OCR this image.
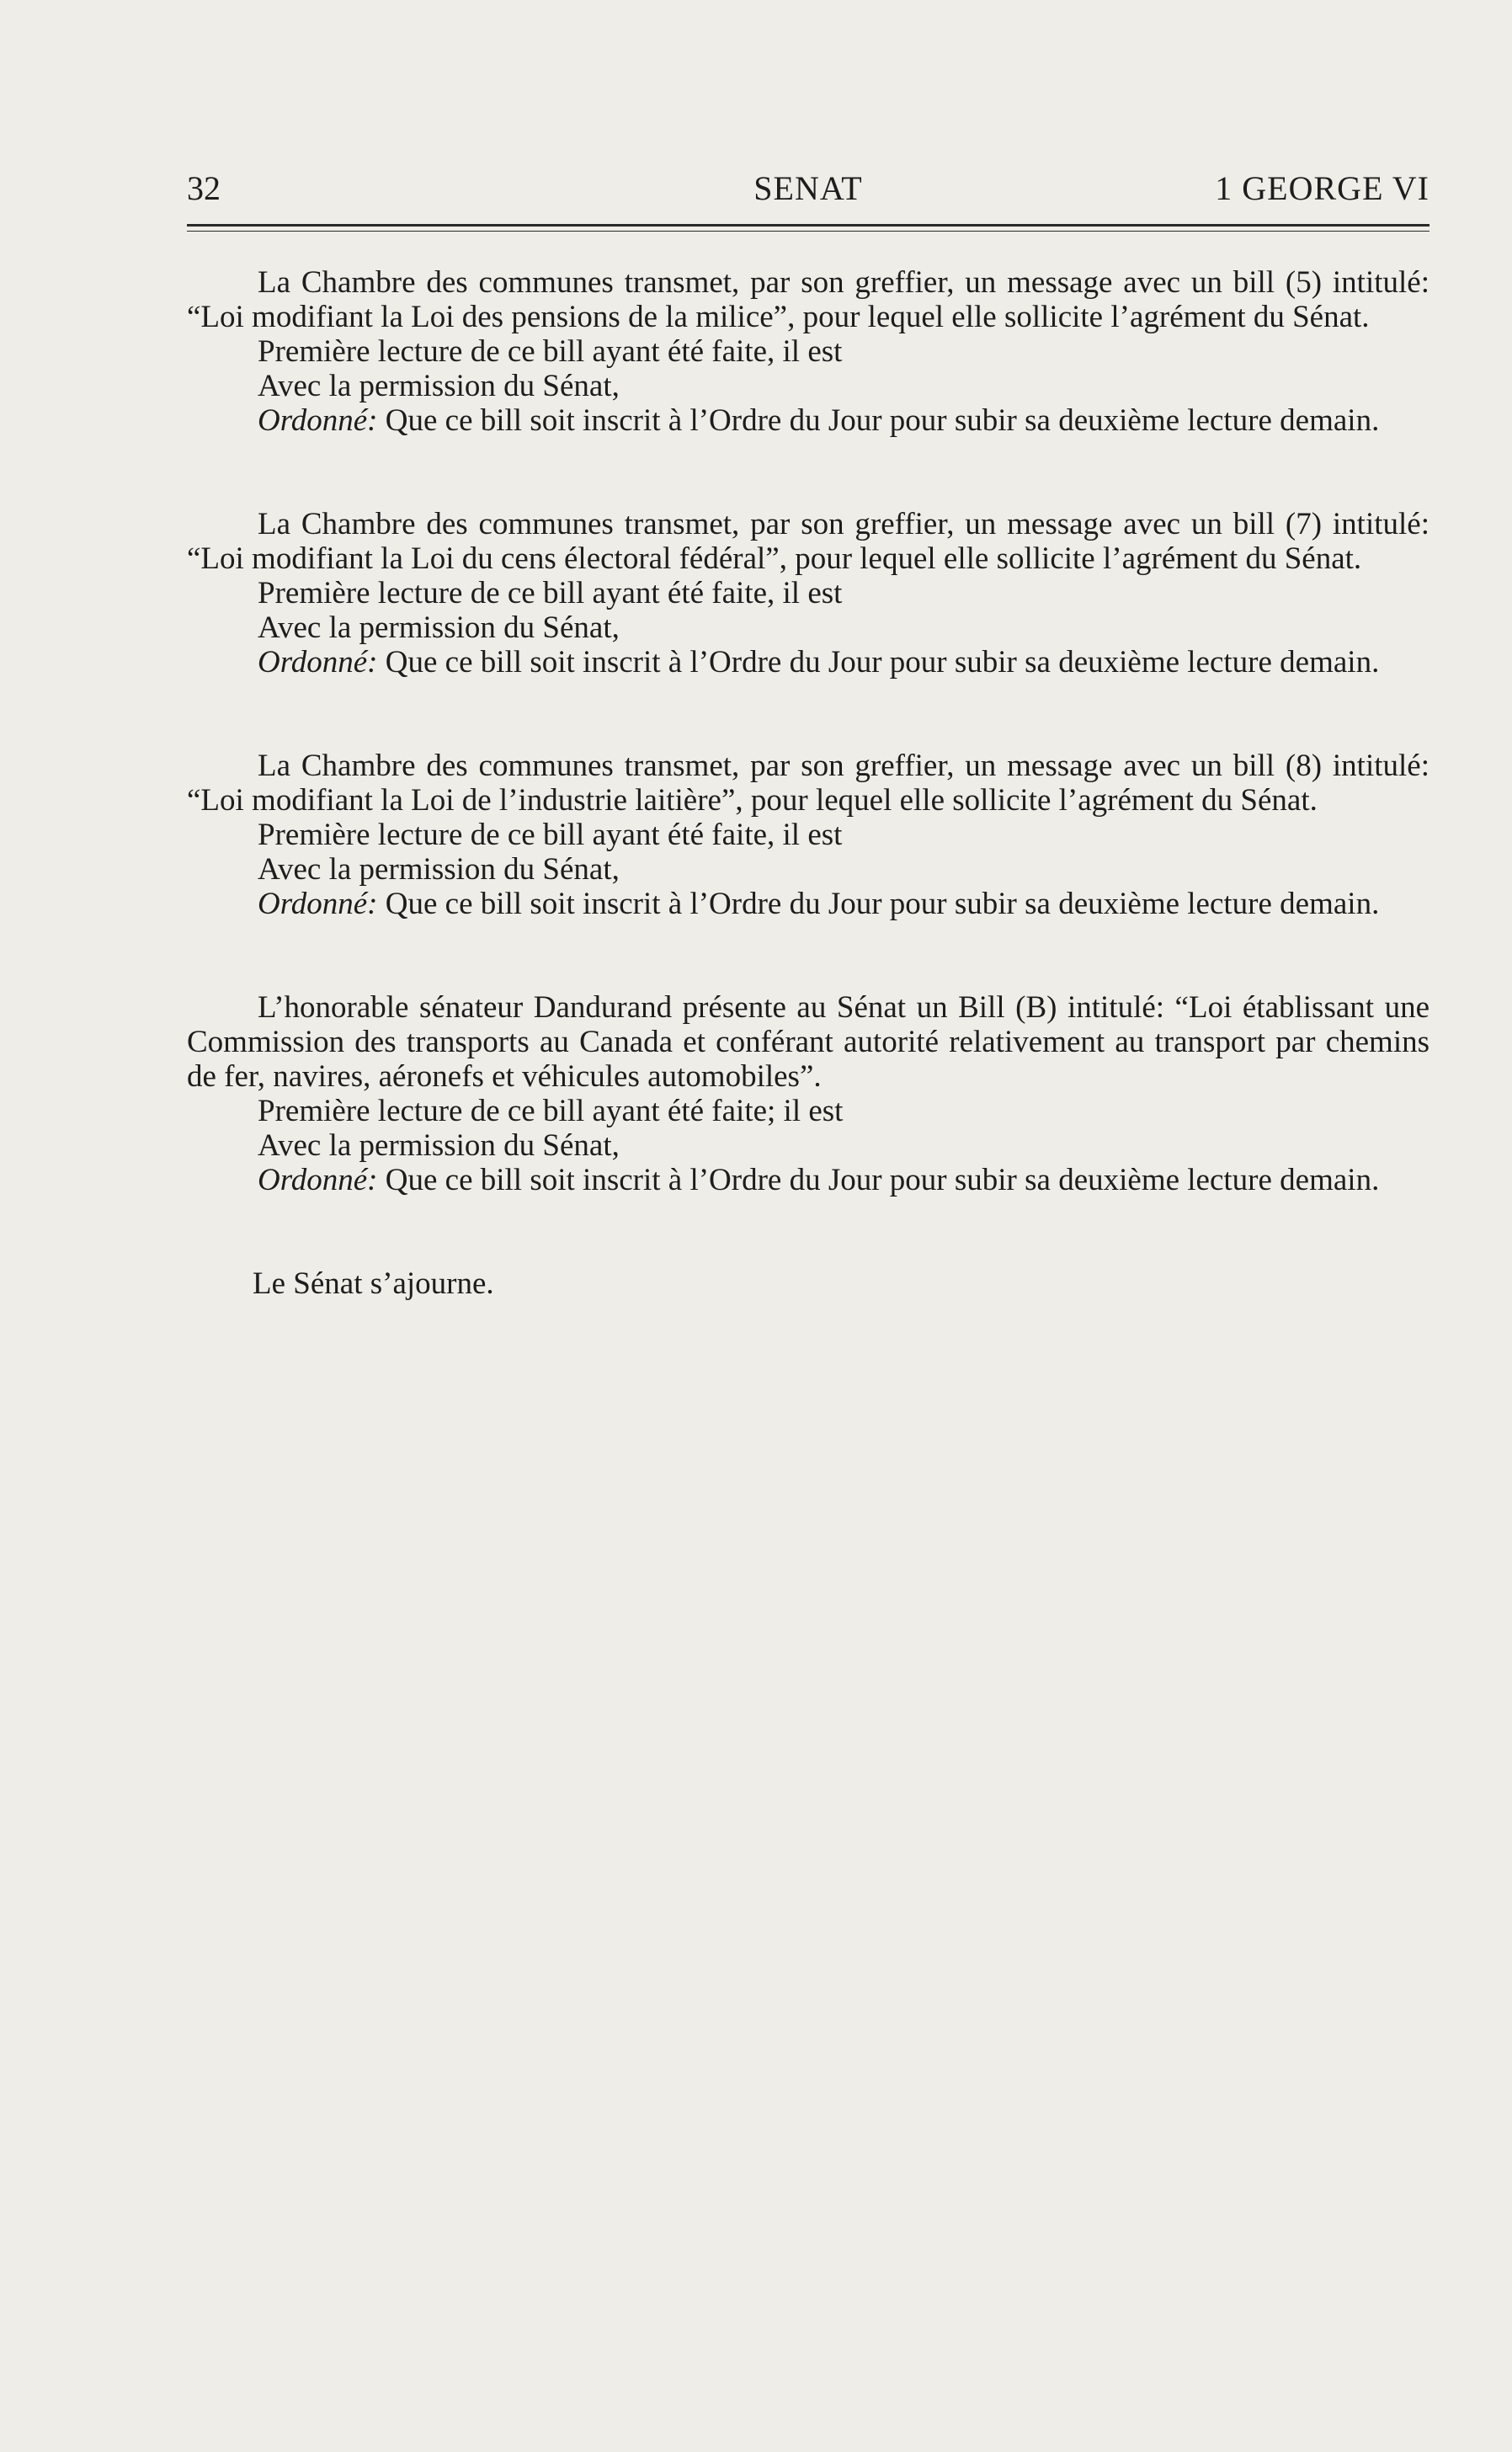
32	SENAT	1 GEORGE VI

La Chambre des communes transmet, par son greffier, un message avec un bill (5) intitulé: “Loi modifiant la Loi des pensions de la milice”, pour lequel elle sollicite l’agrément du Sénat.

Première lecture de ce bill ayant été faite, il est

Avec la permission du Sénat,

Ordonné: Que ce bill soit inscrit à l’Ordre du Jour pour subir sa deuxième lecture demain.

La Chambre des communes transmet, par son greffier, un message avec un bill (7) intitulé: “Loi modifiant la Loi du cens électoral fédéral”, pour lequel elle sollicite l’agrément du Sénat.

Première lecture de ce bill ayant été faite, il est

Avec la permission du Sénat,

Ordonné: Que ce bill soit inscrit à l’Ordre du Jour pour subir sa deuxième lecture demain.

La Chambre des communes transmet, par son greffier, un message avec un bill (8) intitulé: “Loi modifiant la Loi de l’industrie laitière”, pour lequel elle sollicite l’agrément du Sénat.

Première lecture de ce bill ayant été faite, il est

Avec la permission du Sénat,

Ordonné: Que ce bill soit inscrit à l’Ordre du Jour pour subir sa deuxième lecture demain.

L’honorable sénateur Dandurand présente au Sénat un Bill (B) intitulé: “Loi établissant une Commission des transports au Canada et conférant autorité relativement au transport par chemins de fer, navires, aéronefs et véhicules automobiles”.

Première lecture de ce bill ayant été faite; il est

Avec la permission du Sénat,

Ordonné: Que ce bill soit inscrit à l’Ordre du Jour pour subir sa deuxième lecture demain.

Le Sénat s’ajourne.
